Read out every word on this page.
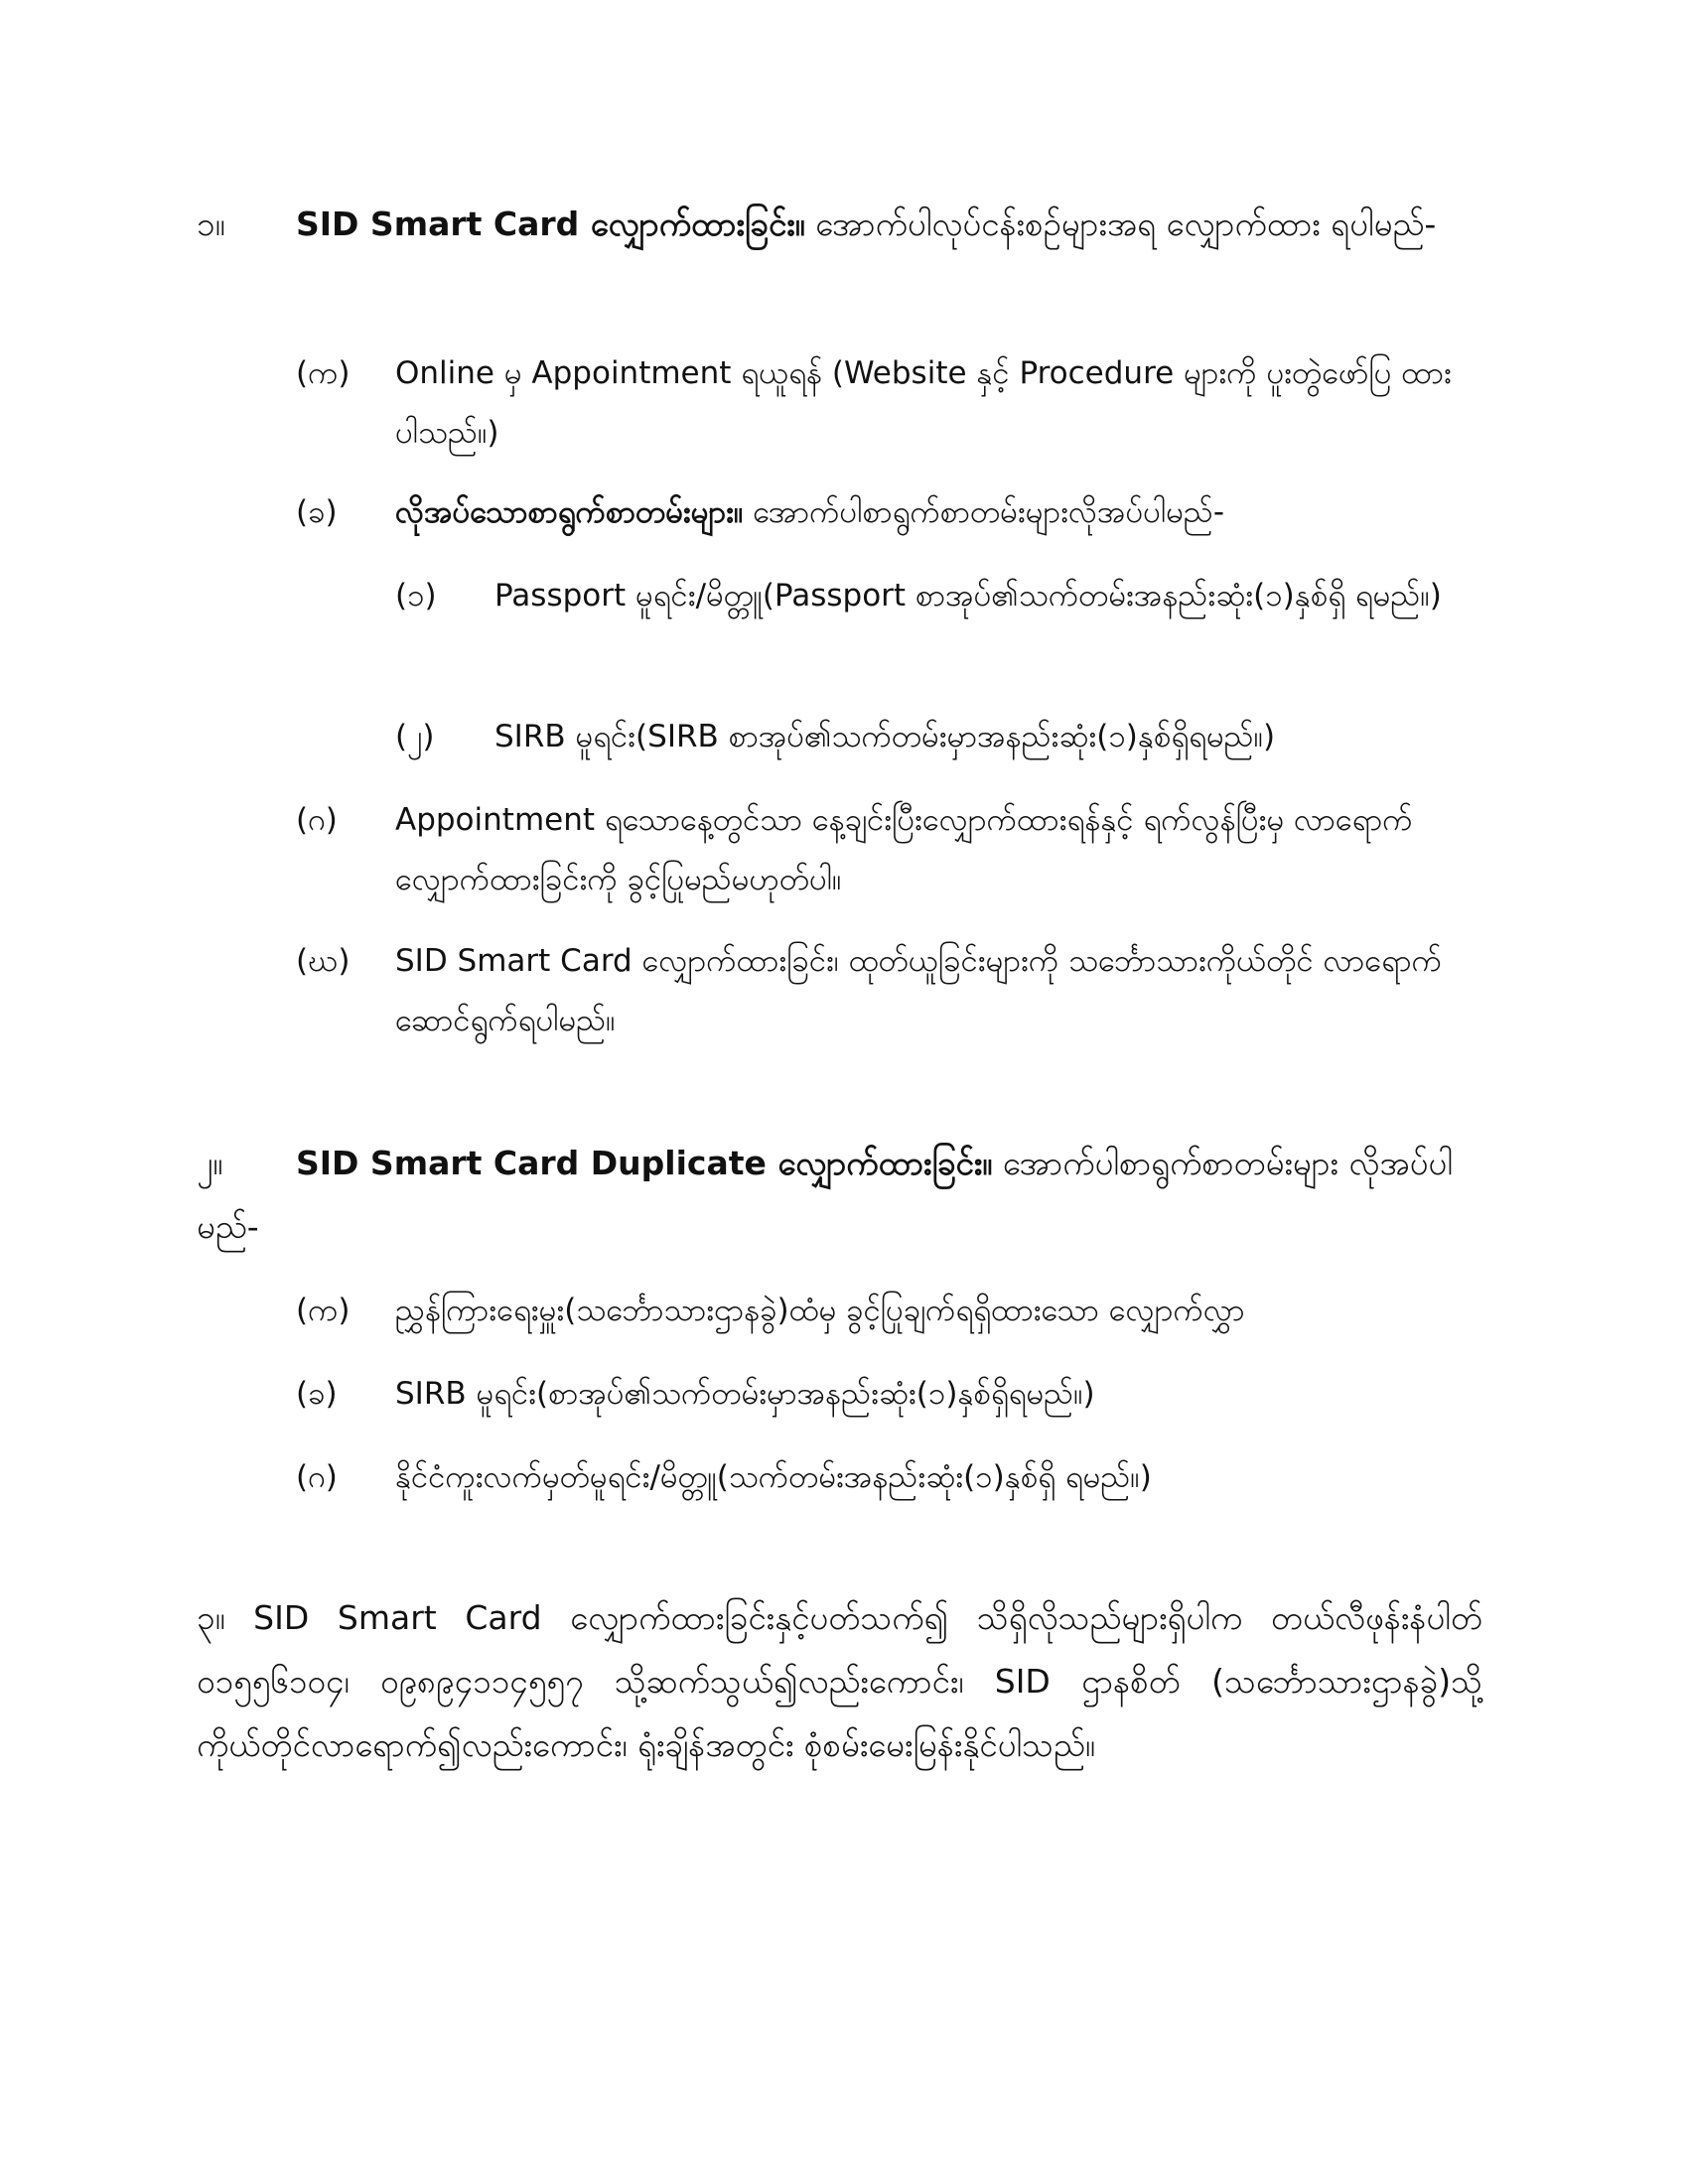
၁။ SID Smart Card လျှောက်ထားခြင်း။ အောက်ပါလုပ်ငန်းစဉ်များအရ လျှောက်ထား ရပါမည်-
(က)	Online မှ Appointment ရယူရန် (Website နှင့် Procedure များကို ပူးတွဲဖော်ပြ ထားပါသည်။)
(ခ)	လိုအပ်သောစာရွက်စာတမ်းများ။ အောက်ပါစာရွက်စာတမ်းများလိုအပ်ပါမည်-
(၁)	Passport မူရင်း/မိတ္တူ(Passport စာအုပ်၏သက်တမ်းအနည်းဆုံး(၁)နှစ်ရှိ ရမည်။)
(၂)	SIRB မူရင်း(SIRB စာအုပ်၏သက်တမ်းမှာအနည်းဆုံး(၁)နှစ်ရှိရမည်။)
(ဂ)	Appointment ရသောနေ့တွင်သာ နေ့ချင်းပြီးလျှောက်ထားရန်နှင့် ရက်လွန်ပြီးမှ လာရောက်လျှောက်ထားခြင်းကို ခွင့်ပြုမည်မဟုတ်ပါ။
(ဃ)	SID Smart Card လျှောက်ထားခြင်း၊ ထုတ်ယူခြင်းများကို သင်္ဘောသားကိုယ်တိုင် လာရောက်ဆောင်ရွက်ရပါမည်။
၂။ SID Smart Card Duplicate လျှောက်ထားခြင်း။ အောက်ပါစာရွက်စာတမ်းများ လိုအပ်ပါမည်-
(က)	ညွှန်ကြားရေးမှူး(သင်္ဘောသားဌာနခွဲ)ထံမှ ခွင့်ပြုချက်ရရှိထားသော လျှောက်လွှာ
(ခ)	SIRB မူရင်း(စာအုပ်၏သက်တမ်းမှာအနည်းဆုံး(၁)နှစ်ရှိရမည်။)
(ဂ)	နိုင်ငံကူးလက်မှတ်မူရင်း/မိတ္တူ(သက်တမ်းအနည်းဆုံး(၁)နှစ်ရှိ ရမည်။)
၃။ SID Smart Card လျှောက်ထားခြင်းနှင့်ပတ်သက်၍ သိရှိလိုသည်များရှိပါက တယ်လီဖုန်းနံပါတ် ၀၁၅၅၆၁၀၄၊ ၀၉၈၉၄၁၁၄၅၅၇ သို့ဆက်သွယ်၍လည်းကောင်း၊ SID ဌာနစိတ် (သင်္ဘောသားဌာနခွဲ)သို့ ကိုယ်တိုင်လာရောက်၍လည်းကောင်း၊ ရုံးချိန်အတွင်း စုံစမ်းမေးမြန်းနိုင်ပါသည်။
